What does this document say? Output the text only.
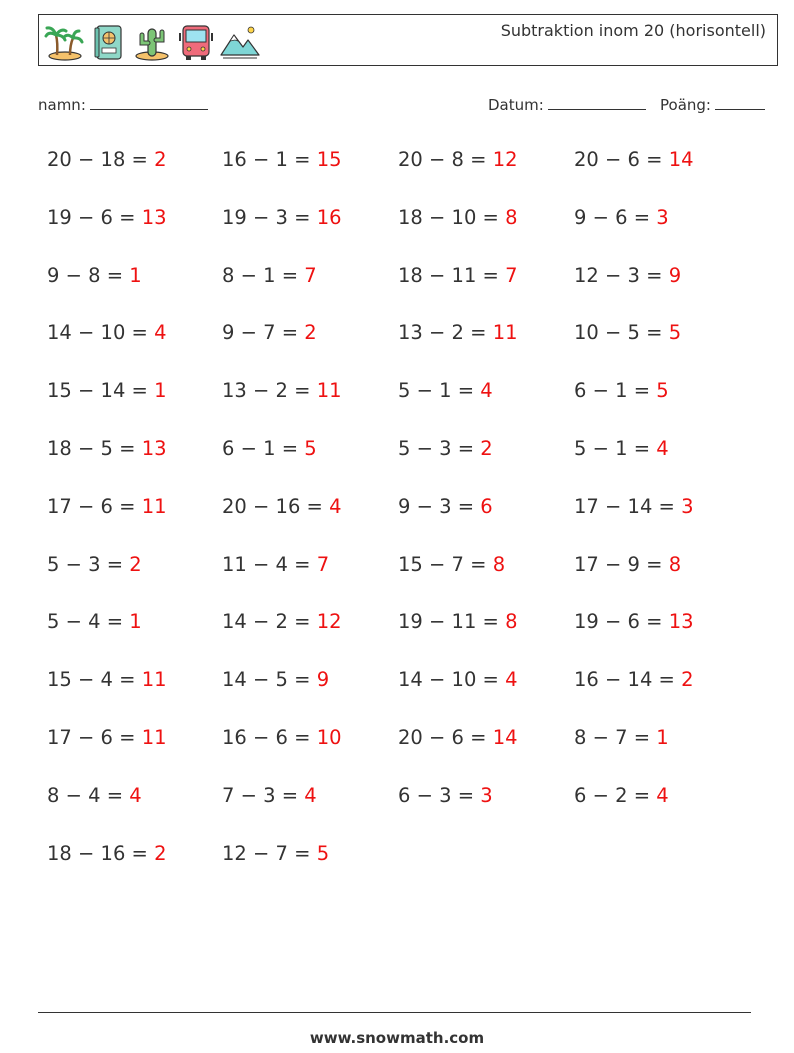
Subtraktion inom 20 (horisontell)
namn:	Datum:	Poäng:
20 − 18 = 2	16 − 1 = 15	20 − 8 = 12	20 − 6 = 14
19 − 6 = 13	19 − 3 = 16	18 − 10 = 8	9 − 6 = 3
9 − 8 = 1	8 − 1 = 7	18 − 11 = 7	12 − 3 = 9
14 − 10 = 4	9 − 7 = 2	13 − 2 = 11	10 − 5 = 5
15 − 14 = 1	13 − 2 = 11	5 − 1 = 4	6 − 1 = 5
18 − 5 = 13	6 − 1 = 5	5 − 3 = 2	5 − 1 = 4
17 − 6 = 11	20 − 16 = 4	9 − 3 = 6	17 − 14 = 3
5 − 3 = 2	11 − 4 = 7	15 − 7 = 8	17 − 9 = 8
5 − 4 = 1	14 − 2 = 12	19 − 11 = 8	19 − 6 = 13
15 − 4 = 11	14 − 5 = 9	14 − 10 = 4	16 − 14 = 2
17 − 6 = 11	16 − 6 = 10	20 − 6 = 14	8 − 7 = 1
8 − 4 = 4	7 − 3 = 4	6 − 3 = 3	6 − 2 = 4
18 − 16 = 2	12 − 7 = 5
www.snowmath.com
